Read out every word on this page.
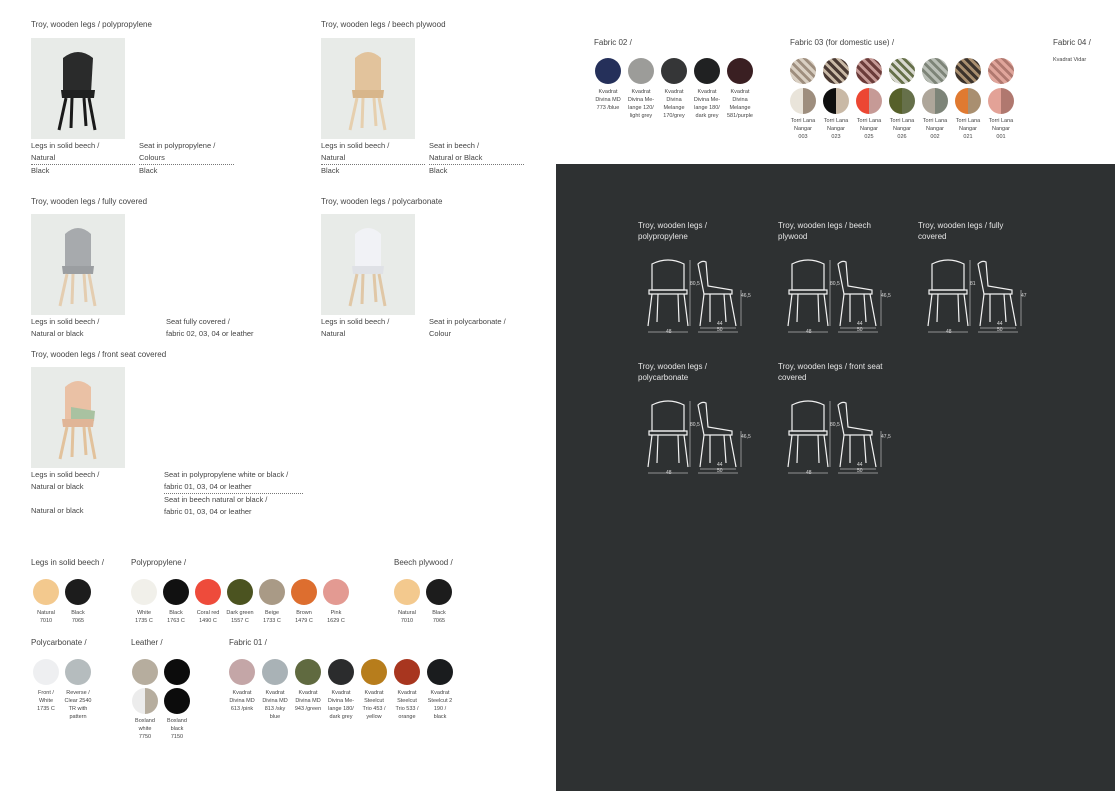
Troy, wooden legs / polypropylene
Legs in solid beech /
Natural
Black
Seat in polypropylene /
Colours
Black
Troy, wooden legs / beech plywood
Legs in solid beech /
Natural
Black
Seat in beech /
Natural or Black
Black
Troy, wooden legs / fully covered
Legs in solid beech /
Natural or black
Seat fully covered /
fabric 02, 03, 04 or leather
Troy, wooden legs / polycarbonate
Legs in solid beech /
Natural
Seat in polycarbonate /
Colour
Troy, wooden legs / front seat covered
Legs in solid beech /
Natural or black
Natural or black
Seat in polypropylene white or black /
fabric 01, 03, 04 or leather
Seat in beech natural or black /
fabric 01, 03, 04 or leather
Legs in solid beech /
Natural
7010
Black
7065
Polypropylene /
White
1735 C
Black
1763 C
Coral red
1490 C
Dark green
1557 C
Beige
1733 C
Brown
1479 C
Pink
1629 C
Beech plywood /
Natural
7010
Black
7065
Polycarbonate /
Front /
White
1735 C
Reverse /
Clear 2540
TR with
pattern
Leather /
Boxland
white
7750
Boxland
black
7150
Fabric 01 /
Kvadrat
Divina MD
613 /pink
Kvadrat
Divina MD
813 /sky
blue
Kvadrat
Divina MD
943 /green
Kvadrat
Divina Me-
lange 180/
dark grey
Kvadrat
Steelcut
Trio 453 /
yellow
Kvadrat
Steelcut
Trio 533 /
orange
Kvadrat
Steelcut 2
190 /
black
Fabric 02 /
Kvadrat
Divina MD
773 /blue
Kvadrat
Divina Me-
lange 120/
light grey
Kvadrat
Divina
Melange
170/grey
Kvadrat
Divina Me-
lange 180/
dark grey
Kvadrat
Divina
Melange
581/purple
Fabric 03 (for domestic use) /
Torri Lana
Nangar
003
Torri Lana
Nangar
023
Torri Lana
Nangar
025
Torri Lana
Nangar
026
Torri Lana
Nangar
002
Torri Lana
Nangar
021
Torri Lana
Nangar
001
Fabric 04 /
Kvadrat Vidar
Troy, wooden legs /
polypropylene
80,5
46,5
48
44
50
Troy, wooden legs / beech
plywood
80,5
46,5
48
44
50
Troy, wooden legs / fully
covered
81
47
48
44
50
Troy, wooden legs /
polycarbonate
80,5
46,5
48
44
50
Troy, wooden legs / front seat
covered
80,5
47,5
48
44
50
